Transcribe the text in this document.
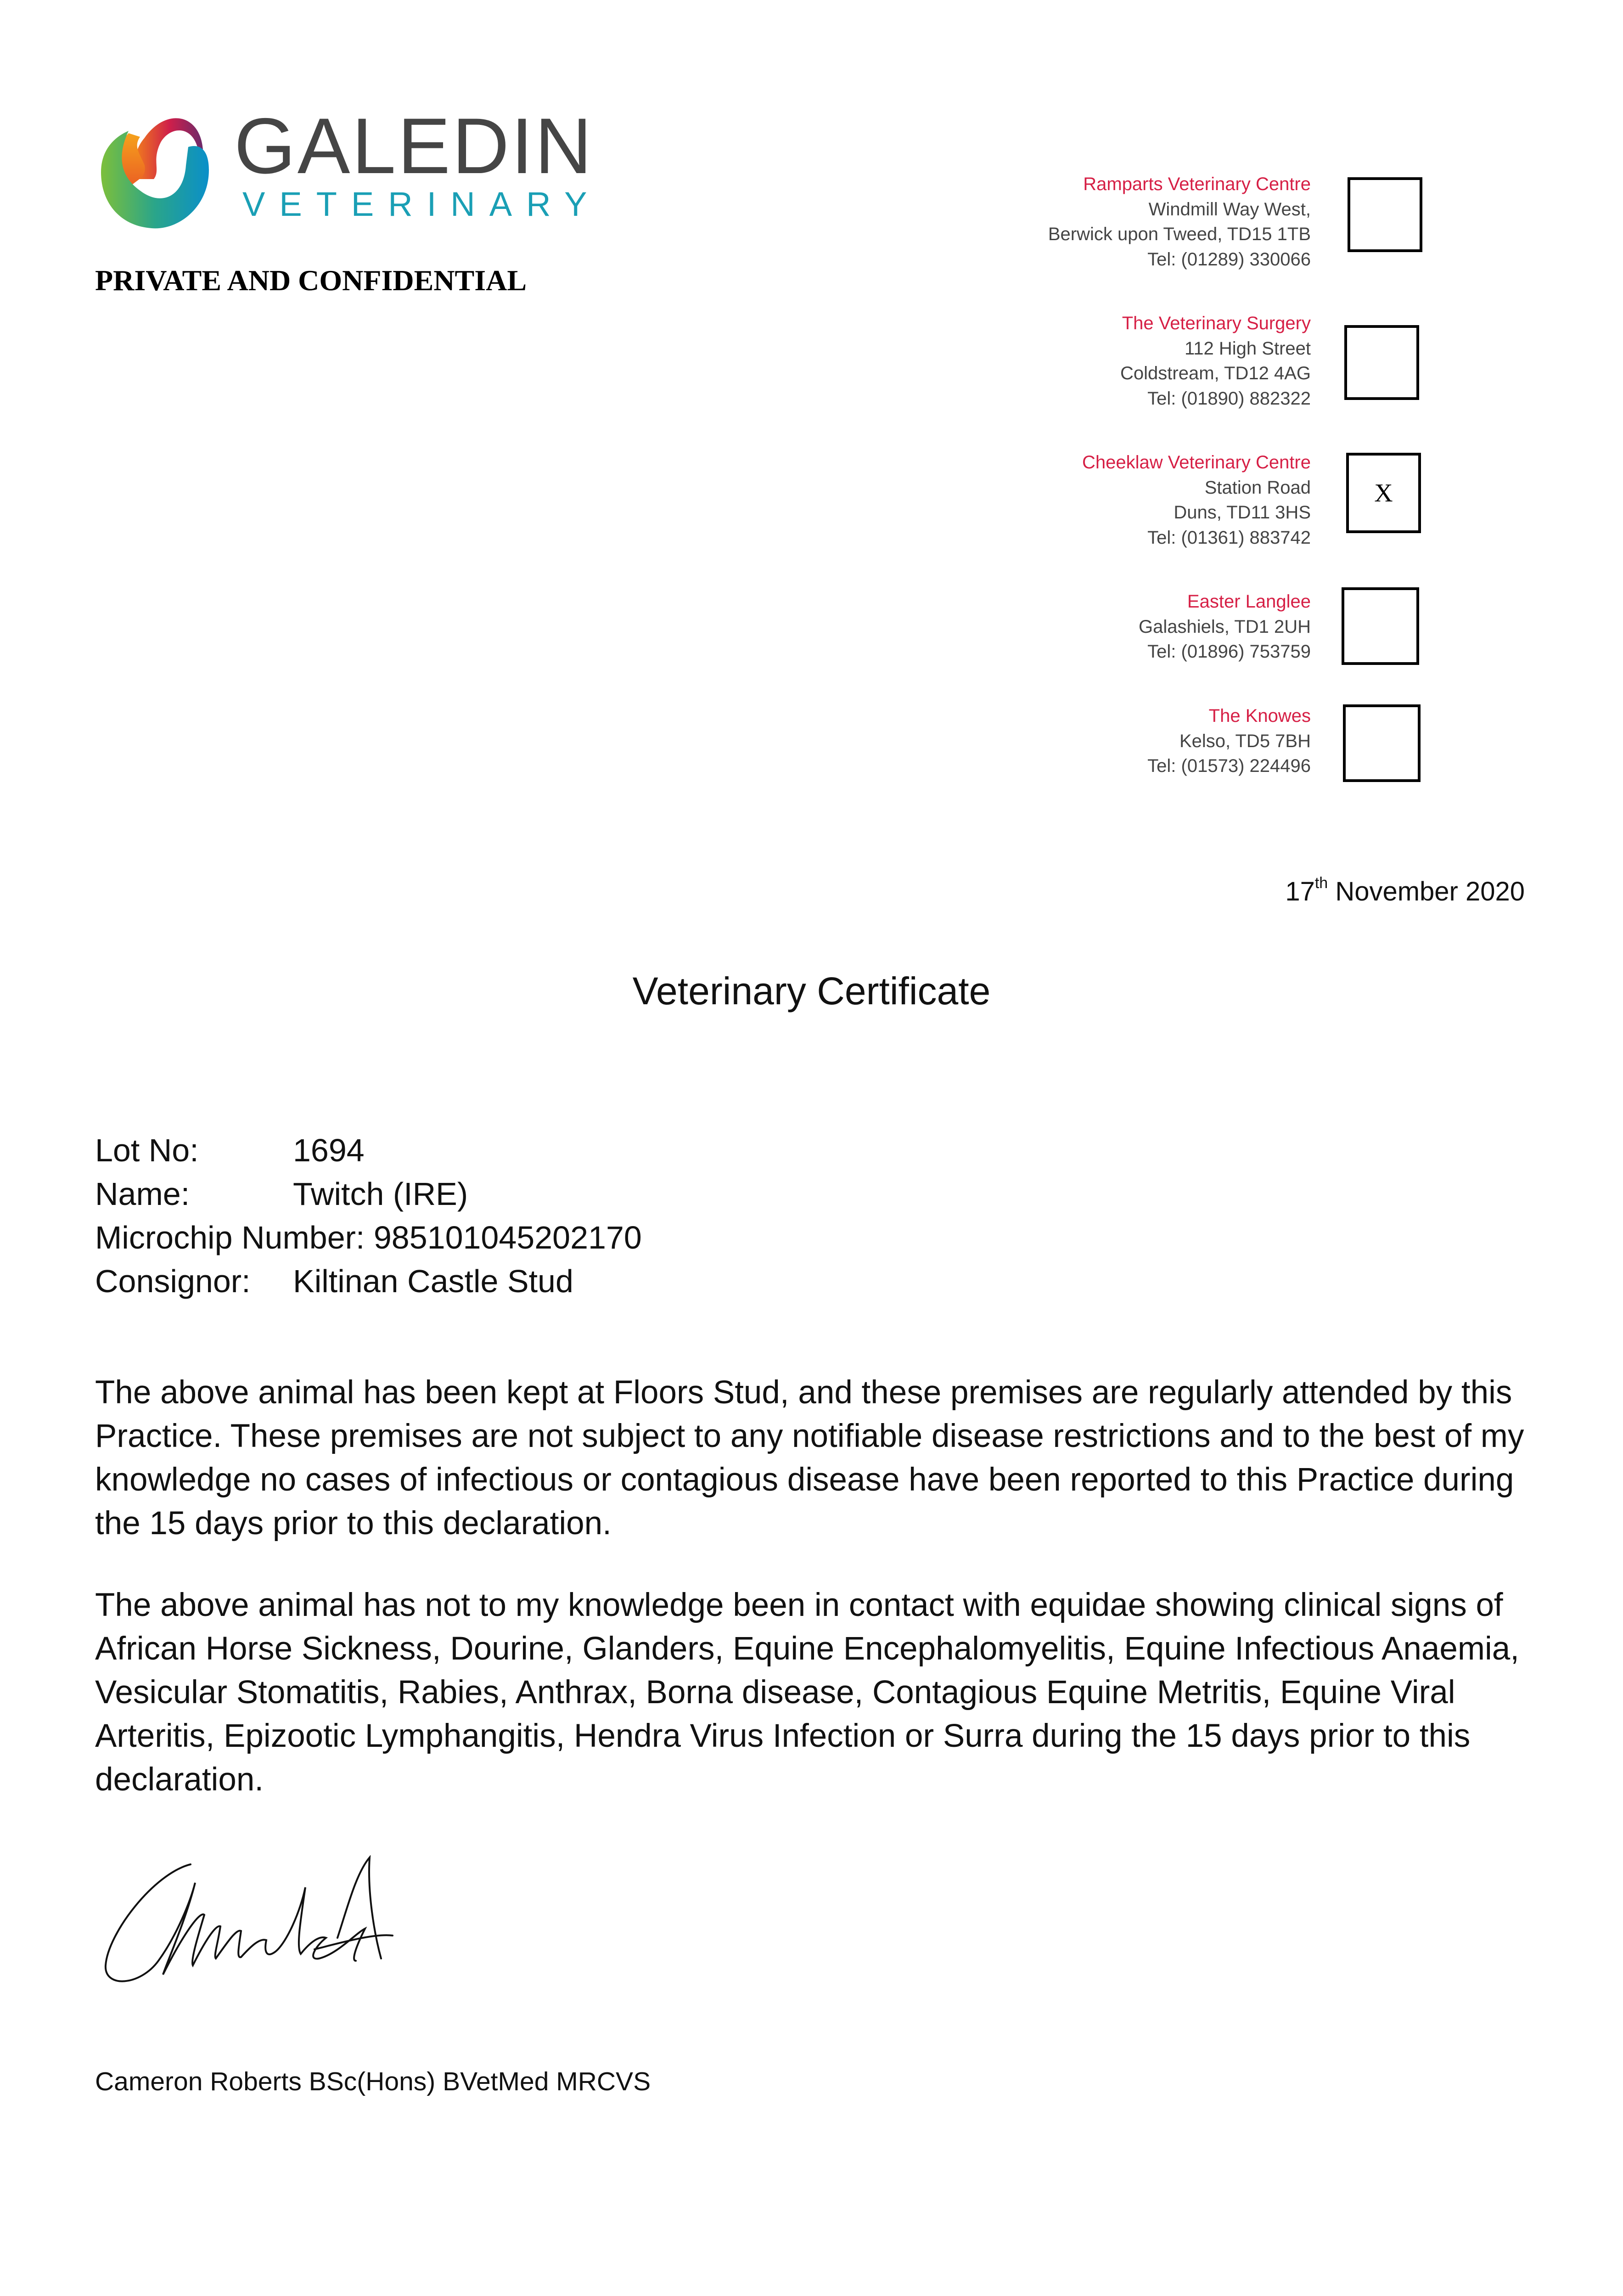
GALEDIN
VETERINARY
PRIVATE AND CONFIDENTIAL
Ramparts Veterinary Centre
Windmill Way West,
Berwick upon Tweed, TD15 1TB
Tel: (01289) 330066
The Veterinary Surgery
112 High Street
Coldstream, TD12 4AG
Tel: (01890) 882322
Cheeklaw Veterinary Centre
Station Road
Duns, TD11 3HS
Tel: (01361) 883742
X
Easter Langlee
Galashiels, TD1 2UH
Tel: (01896) 753759
The Knowes
Kelso, TD5 7BH
Tel: (01573) 224496
17th November 2020
Veterinary Certificate
Lot No:	1694
Name:	Twitch (IRE)
Microchip Number: 985101045202170
Consignor: Kiltinan Castle Stud
The above animal has been kept at Floors Stud, and these premises are regularly attended by this Practice. These premises are not subject to any notifiable disease restrictions and to the best of my knowledge no cases of infectious or contagious disease have been reported to this Practice during the 15 days prior to this declaration.
The above animal has not to my knowledge been in contact with equidae showing clinical signs of African Horse Sickness, Dourine, Glanders, Equine Encephalomyelitis, Equine Infectious Anaemia, Vesicular Stomatitis, Rabies, Anthrax, Borna disease, Contagious Equine Metritis, Equine Viral Arteritis, Epizootic Lymphangitis, Hendra Virus Infection or Surra during the 15 days prior to this declaration.
Cameron Roberts BSc(Hons) BVetMed MRCVS
